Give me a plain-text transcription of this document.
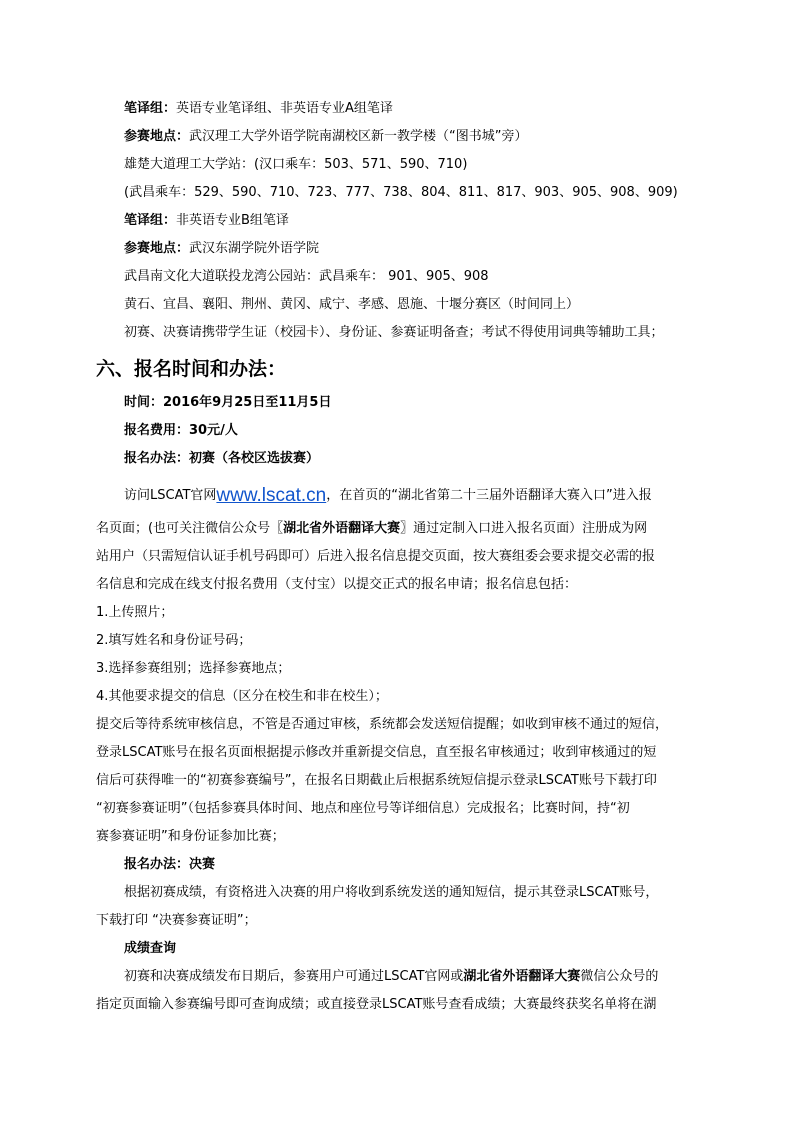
笔译组：英语专业笔译组、非英语专业A组笔译
参赛地点：武汉理工大学外语学院南湖校区新一教学楼（“图书城”旁）
雄楚大道理工大学站：(汉口乘车：503、571、590、710)
(武昌乘车：529、590、710、723、777、738、804、811、817、903、905、908、909)
笔译组：非英语专业B组笔译
参赛地点：武汉东湖学院外语学院
武昌南文化大道联投龙湾公园站：武昌乘车： 901、905、908
黄石、宜昌、襄阳、荆州、黄冈、咸宁、孝感、恩施、十堰分赛区（时间同上）
初赛、决赛请携带学生证（校园卡）、身份证、参赛证明备查；考试不得使用词典等辅助工具；
六、报名时间和办法：
时间：2016年9月25日至11月5日
报名费用：30元/人
报名办法：初赛（各校区选拔赛）
访问LSCAT官网www.lscat.cn，在首页的“湖北省第二十三届外语翻译大赛入口”进入报
名页面；(也可关注微信公众号〖湖北省外语翻译大赛〗通过定制入口进入报名页面）注册成为网
站用户（只需短信认证手机号码即可）后进入报名信息提交页面，按大赛组委会要求提交必需的报
名信息和完成在线支付报名费用（支付宝）以提交正式的报名申请；报名信息包括：
1.上传照片；
2.填写姓名和身份证号码；
3.选择参赛组别；选择参赛地点；
4.其他要求提交的信息（区分在校生和非在校生）；
提交后等待系统审核信息，不管是否通过审核，系统都会发送短信提醒；如收到审核不通过的短信，
登录LSCAT账号在报名页面根据提示修改并重新提交信息，直至报名审核通过；收到审核通过的短
信后可获得唯一的“初赛参赛编号”，在报名日期截止后根据系统短信提示登录LSCAT账号下载打印
“初赛参赛证明”（包括参赛具体时间、地点和座位号等详细信息）完成报名；比赛时间，持“初
赛参赛证明”和身份证参加比赛；
报名办法：决赛
根据初赛成绩，有资格进入决赛的用户将收到系统发送的通知短信，提示其登录LSCAT账号，
下载打印 “决赛参赛证明”；
成绩查询
初赛和决赛成绩发布日期后，参赛用户可通过LSCAT官网或湖北省外语翻译大赛微信公众号的
指定页面输入参赛编号即可查询成绩；或直接登录LSCAT账号查看成绩；大赛最终获奖名单将在湖
